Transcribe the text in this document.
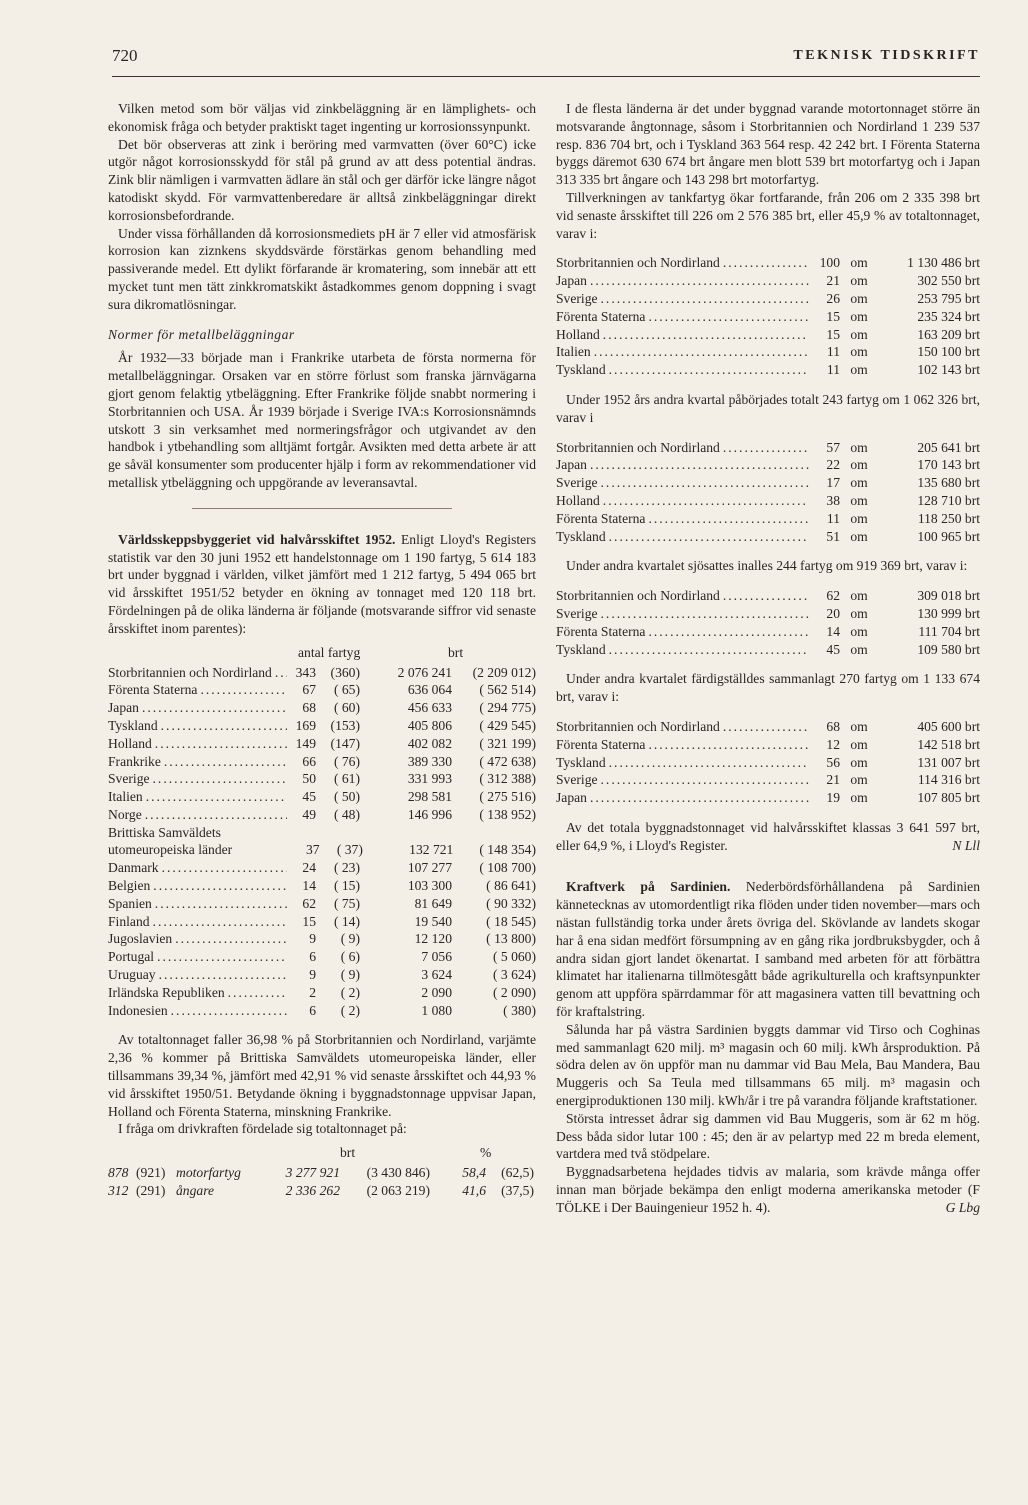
720	TEKNISK TIDSKRIFT

Vilken metod som bör väljas vid zinkbeläggning är en lämplighets- och ekonomisk fråga och betyder praktiskt taget ingenting ur korrosionssynpunkt.

Det bör observeras att zink i beröring med varmvatten (över 60°C) icke utgör något korrosionsskydd för stål på grund av att dess potential ändras. Zink blir nämligen i varmvatten ädlare än stål och ger därför icke längre något katodiskt skydd. För varmvattenberedare är alltså zinkbeläggningar direkt korrosionsbefordrande.

Under vissa förhållanden då korrosionsmediets pH är 7 eller vid atmosfärisk korrosion kan ziznkens skyddsvärde förstärkas genom behandling med passiverande medel. Ett dylikt förfarande är kromatering, som innebär att ett mycket tunt men tätt zinkkromatskikt åstadkommes genom doppning i svagt sura dikromatlösningar.

Normer för metallbeläggningar

År 1932—33 började man i Frankrike utarbeta de första normerna för metallbeläggningar. Orsaken var en större förlust som franska järnvägarna gjort genom felaktig ytbeläggning. Efter Frankrike följde snabbt normering i Storbritannien och USA. År 1939 började i Sverige IVA:s Korrosionsnämnds utskott 3 sin verksamhet med normeringsfrågor och utgivandet av den handbok i ytbehandling som alltjämt fortgår. Avsikten med detta arbete är att ge såväl konsumenter som producenter hjälp i form av rekommendationer vid metallisk ytbeläggning och uppgörande av leveransavtal.

Världsskeppsbyggeriet vid halvårsskiftet 1952. Enligt Lloyd's Registers statistik var den 30 juni 1952 ett handelstonnage om 1 190 fartyg, 5 614 183 brt under byggnad i världen, vilket jämfört med 1 212 fartyg, 5 494 065 brt vid årsskiftet 1951/52 betyder en ökning av tonnaget med 120 118 brt. Fördelningen på de olika länderna är följande (motsvarande siffror vid senaste årsskiftet inom parentes):

antal fartyg	brt
Storbritannien och Nordirland .....	343	(360)	2 076 241	(2 209 012)
Förenta Staterna .....	67	( 65)	636 064	( 562 514)
Japan .....	68	( 60)	456 633	( 294 775)
Tyskland .....	169	(153)	405 806	( 429 545)
Holland .....	149	(147)	402 082	( 321 199)
Frankrike .....	66	( 76)	389 330	( 472 638)
Sverige .....	50	( 61)	331 993	( 312 388)
Italien .....	45	( 50)	298 581	( 275 516)
Norge .....	49	( 48)	146 996	( 138 952)
Brittiska Samväldets utomeuropeiska länder	37	( 37)	132 721	( 148 354)
Danmark .....	24	( 23)	107 277	( 108 700)
Belgien .....	14	( 15)	103 300	( 86 641)
Spanien .....	62	( 75)	81 649	( 90 332)
Finland .....	15	( 14)	19 540	( 18 545)
Jugoslavien .....	9	( 9)	12 120	( 13 800)
Portugal .....	6	( 6)	7 056	( 5 060)
Uruguay .....	9	( 9)	3 624	( 3 624)
Irländska Republiken .....	2	( 2)	2 090	( 2 090)
Indonesien .....	6	( 2)	1 080	( 380)

Av totaltonnaget faller 36,98 % på Storbritannien och Nordirland, varjämte 2,36 % kommer på Brittiska Samväldets utomeuropeiska länder, eller tillsammans 39,34 %, jämfört med 42,91 % vid senaste årsskiftet och 44,93 % vid årsskiftet 1950/51. Betydande ökning i byggnadstonnage uppvisar Japan, Holland och Förenta Staterna, minskning Frankrike.

I fråga om drivkraften fördelade sig totaltonnaget på:

brt	%
878 (921) motorfartyg	3 277 921	(3 430 846)	58,4	(62,5)
312 (291) ångare	2 336 262	(2 063 219)	41,6	(37,5)

I de flesta länderna är det under byggnad varande motortonnaget större än motsvarande ångtonnage, såsom i Storbritannien och Nordirland 1 239 537 resp. 836 704 brt, och i Tyskland 363 564 resp. 42 242 brt. I Förenta Staterna byggs däremot 630 674 brt ångare men blott 539 brt motorfartyg och i Japan 313 335 brt ångare och 143 298 brt motorfartyg.

Tillverkningen av tankfartyg ökar fortfarande, från 206 om 2 335 398 brt vid senaste årsskiftet till 226 om 2 576 385 brt, eller 45,9 % av totaltonnaget, varav i:

Storbritannien och Nordirland .....	100 om	1 130 486 brt
Japan .....	21 om	302 550 brt
Sverige .....	26 om	253 795 brt
Förenta Staterna .....	15 om	235 324 brt
Holland .....	15 om	163 209 brt
Italien .....	11 om	150 100 brt
Tyskland .....	11 om	102 143 brt

Under 1952 års andra kvartal påbörjades totalt 243 fartyg om 1 062 326 brt, varav i

Storbritannien och Nordirland .....	57 om	205 641 brt
Japan .....	22 om	170 143 brt
Sverige .....	17 om	135 680 brt
Holland .....	38 om	128 710 brt
Förenta Staterna .....	11 om	118 250 brt
Tyskland .....	51 om	100 965 brt

Under andra kvartalet sjösattes inalles 244 fartyg om 919 369 brt, varav i:

Storbritannien och Nordirland .....	62 om	309 018 brt
Sverige .....	20 om	130 999 brt
Förenta Staterna .....	14 om	111 704 brt
Tyskland .....	45 om	109 580 brt

Under andra kvartalet färdigställdes sammanlagt 270 fartyg om 1 133 674 brt, varav i:

Storbritannien och Nordirland .....	68 om	405 600 brt
Förenta Staterna .....	12 om	142 518 brt
Tyskland .....	56 om	131 007 brt
Sverige .....	21 om	114 316 brt
Japan .....	19 om	107 805 brt

Av det totala byggnadstonnaget vid halvårsskiftet klassas 3 641 597 brt, eller 64,9 %, i Lloyd's Register.	N Lll

Kraftverk på Sardinien. Nederbördsförhållandena på Sardinien kännetecknas av utomordentligt rika flöden under tiden november—mars och nästan fullständig torka under årets övriga del. Skövlande av landets skogar har å ena sidan medfört försumpning av en gång rika jordbruksbygder, och å andra sidan gjort landet ökenartat. I samband med arbeten för att förbättra klimatet har italienarna tillmötesgått både agrikulturella och kraftsynpunkter genom att uppföra spärrdammar för att magasinera vatten till bevattning och för kraftalstring.

Sålunda har på västra Sardinien byggts dammar vid Tirso och Coghinas med sammanlagt 620 milj. m³ magasin och 60 milj. kWh årsproduktion. På södra delen av ön uppför man nu dammar vid Bau Mela, Bau Mandera, Bau Muggeris och Sa Teula med tillsammans 65 milj. m³ magasin och energiproduktionen 130 milj. kWh/år i tre på varandra följande kraftstationer.

Största intresset ådrar sig dammen vid Bau Muggeris, som är 62 m hög. Dess båda sidor lutar 100 : 45; den är av pelartyp med 22 m breda element, vartdera med två stödpelare.

Byggnadsarbetena hejdades tidvis av malaria, som krävde många offer innan man började bekämpa den enligt moderna amerikanska metoder (F TÖLKE i Der Bauingenieur 1952 h. 4).	G Lbg
